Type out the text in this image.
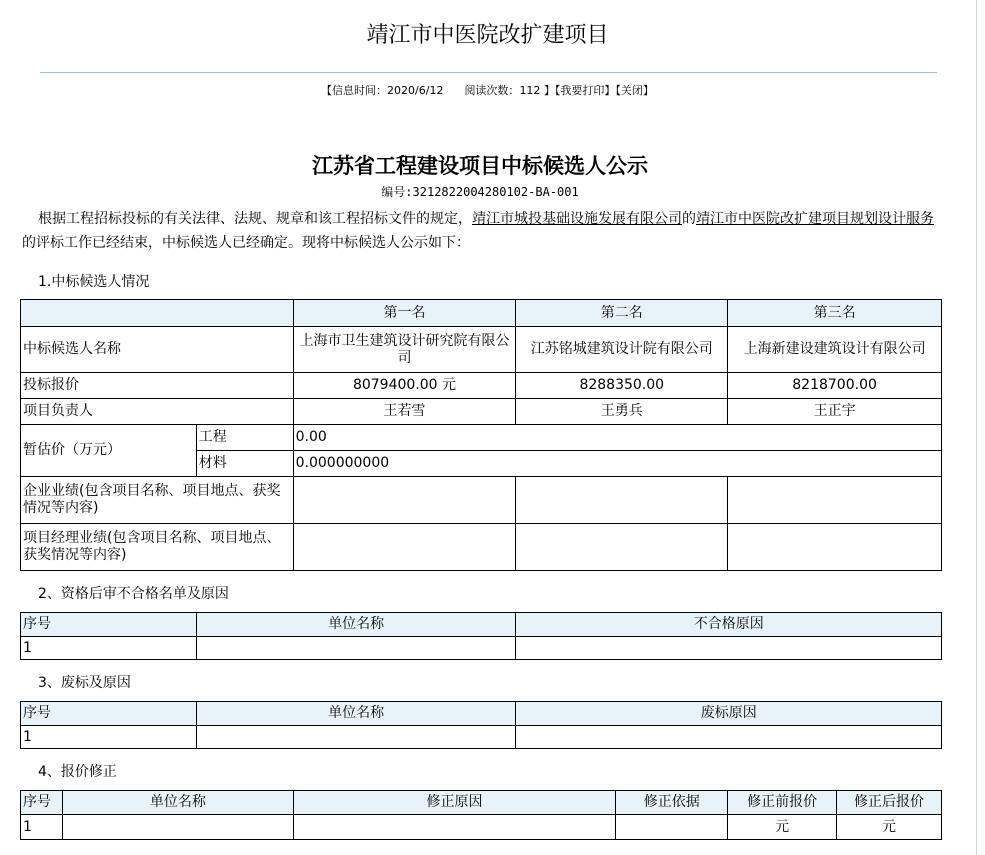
靖江市中医院改扩建项目
【信息时间：2020/6/12 阅读次数：112 】【我要打印】【关闭】
江苏省工程建设项目中标候选人公示
编号:3212822004280102-BA-001
根据工程招标投标的有关法律、法规、规章和该工程招标文件的规定，靖江市城投基础设施发展有限公司的靖江市中医院改扩建项目规划设计服务的评标工作已经结束，中标候选人已经确定。现将中标候选人公示如下：
1.中标候选人情况
		第一名	第二名	第三名
中标候选人名称		上海市卫生建筑设计研究院有限公司	江苏铭城建筑设计院有限公司	上海新建设建筑设计有限公司
投标报价		8079400.00 元	8288350.00	8218700.00
项目负责人		王若雪	王勇兵	王正宇
暂估价（万元）	工程	0.00		
	材料	0.000000000		
企业业绩(包含项目名称、项目地点、获奖情况等内容)				
项目经理业绩(包含项目名称、项目地点、获奖情况等内容)				
2、资格后审不合格名单及原因
序号	单位名称	不合格原因
1		
3、废标及原因
序号	单位名称	废标原因
1		
4、报价修正
序号	单位名称	修正原因	修正依据	修正前报价	修正后报价
1				元	元
